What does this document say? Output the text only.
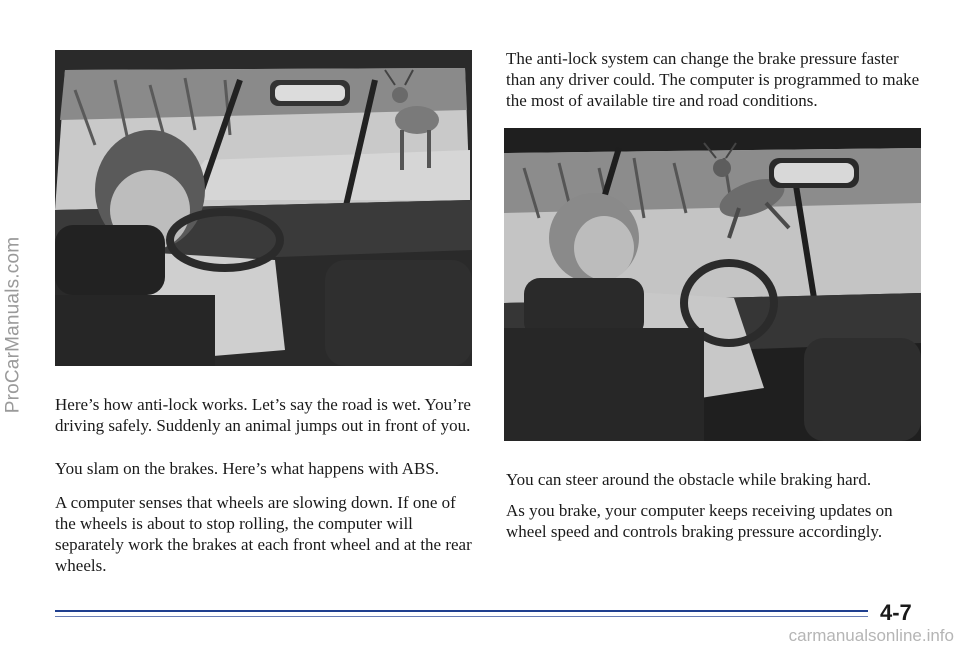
ProCarManuals.com

The anti-lock system can change the brake pressure faster than any driver could. The computer is programmed to make the most of available tire and road conditions.

Here’s how anti-lock works. Let’s say the road is wet. You’re driving safely. Suddenly an animal jumps out in front of you.

You slam on the brakes. Here’s what happens with ABS.

A computer senses that wheels are slowing down. If one of the wheels is about to stop rolling, the computer will separately work the brakes at each front wheel and at the rear wheels.

You can steer around the obstacle while braking hard.

As you brake, your computer keeps receiving updates on wheel speed and controls braking pressure accordingly.

4-7
carmanualsonline.info
